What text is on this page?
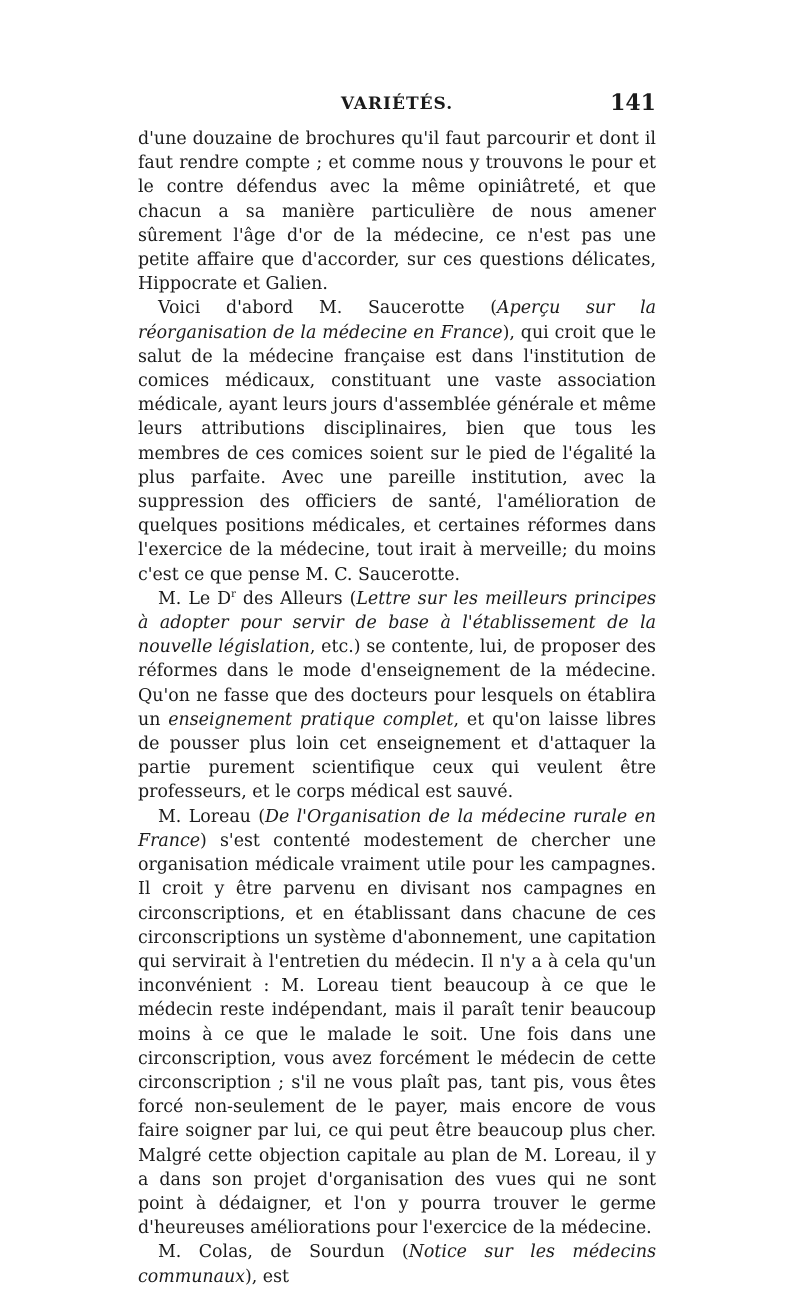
VARIÉTÉS.	141

d'une douzaine de brochures qu'il faut parcourir et dont il faut rendre compte ; et comme nous y trouvons le pour et le contre défendus avec la même opiniâtreté, et que chacun a sa manière particulière de nous amener sûrement l'âge d'or de la médecine, ce n'est pas une petite affaire que d'accorder, sur ces questions délicates, Hippocrate et Galien.

Voici d'abord M. Saucerotte (Aperçu sur la réorganisation de la médecine en France), qui croit que le salut de la médecine française est dans l'institution de comices médicaux, constituant une vaste association médicale, ayant leurs jours d'assemblée générale et même leurs attributions disciplinaires, bien que tous les membres de ces comices soient sur le pied de l'égalité la plus parfaite. Avec une pareille institution, avec la suppression des officiers de santé, l'amélioration de quelques positions médicales, et certaines réformes dans l'exercice de la médecine, tout irait à merveille; du moins c'est ce que pense M. C. Saucerotte.

M. Le $D^r$ des Alleurs (Lettre sur les meilleurs principes à adopter pour servir de base à l'établissement de la nouvelle législation, etc.) se contente, lui, de proposer des réformes dans le mode d'enseignement de la médecine. Qu'on ne fasse que des docteurs pour lesquels on établira un enseignement pratique complet, et qu'on laisse libres de pousser plus loin cet enseignement et d'attaquer la partie purement scientifique ceux qui veulent être professeurs, et le corps médical est sauvé.

M. Loreau (De l'Organisation de la médecine rurale en France) s'est contenté modestement de chercher une organisation médicale vraiment utile pour les campagnes. Il croit y être parvenu en divisant nos campagnes en circonscriptions, et en établissant dans chacune de ces circonscriptions un système d'abonnement, une capitation qui servirait à l'entretien du médecin. Il n'y a à cela qu'un inconvénient : M. Loreau tient beaucoup à ce que le médecin reste indépendant, mais il paraît tenir beaucoup moins à ce que le malade le soit. Une fois dans une circonscription, vous avez forcément le médecin de cette circonscription ; s'il ne vous plaît pas, tant pis, vous êtes forcé non-seulement de le payer, mais encore de vous faire soigner par lui, ce qui peut être beaucoup plus cher. Malgré cette objection capitale au plan de M. Loreau, il y a dans son projet d'organisation des vues qui ne sont point à dédaigner, et l'on y pourra trouver le germe d'heureuses améliorations pour l'exercice de la médecine.

M. Colas, de Sourdun (Notice sur les médecins communaux), est
